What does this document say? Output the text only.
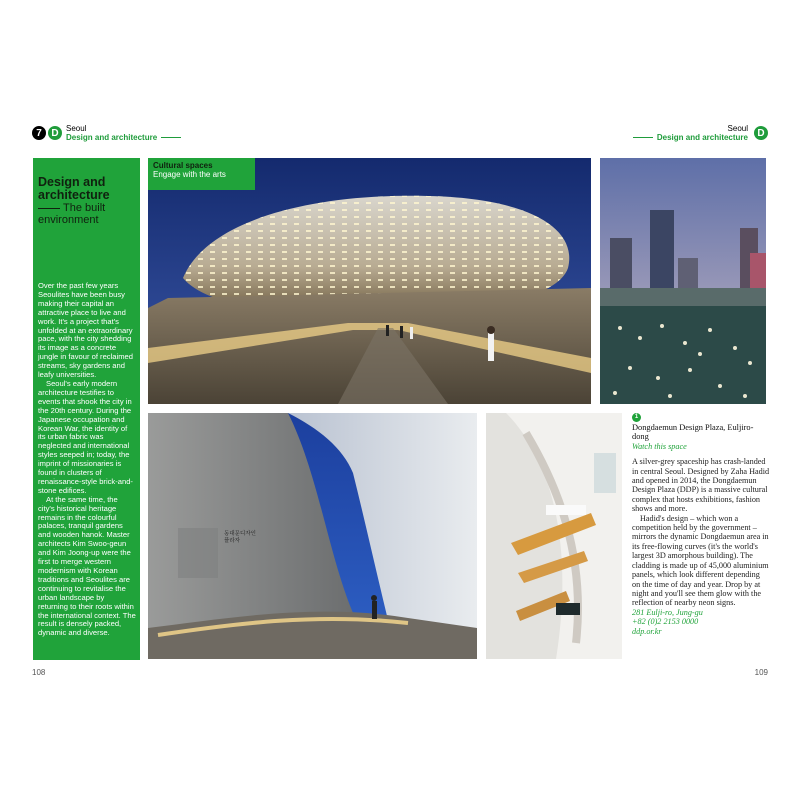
7 D Seoul
Design and architecture
Seoul
Design and architecture D
Design and architecture
The built
environment

Over the past few years Seoulites have been busy making their capital an attractive place to live and work. It's a project that's unfolded at an extraordinary pace, with the city shedding its image as a concrete jungle in favour of reclaimed streams, sky gardens and leafy universities.

Seoul's early modern architecture testifies to events that shook the city in the 20th century. During the Japanese occupation and Korean War, the identity of its urban fabric was neglected and international styles seeped in; today, the imprint of missionaries is found in clusters of renaissance-style brick-and-stone edifices.

At the same time, the city's historical heritage remains in the colourful palaces, tranquil gardens and wooden hanok. Master architects Kim Swoo-geun and Kim Joong-up were the first to merge western modernism with Korean traditions and Seoulites are continuing to revitalise the urban landscape by returning to their roots within the international context. The result is densely packed, dynamic and diverse.

Cultural spaces
Engage with the arts
동대문디자인플라자
1
Dongdaemun Design Plaza, Euljiro-dong
Watch this space

A silver-grey spaceship has crash-landed in central Seoul. Designed by Zaha Hadid and opened in 2014, the Dongdaemun Design Plaza (DDP) is a massive cultural complex that hosts exhibitions, fashion shows and more.

Hadid's design – which won a competition held by the government – mirrors the dynamic Dongdaemun area in its free-flowing curves (it's the world's largest 3D amorphous building). The cladding is made up of 45,000 aluminium panels, which look different depending on the time of day and year. Drop by at night and you'll see them glow with the reflection of nearby neon signs.

281 Eulji-ro, Jung-gu
+82 (0)2 2153 0000
ddp.or.kr
108	109
